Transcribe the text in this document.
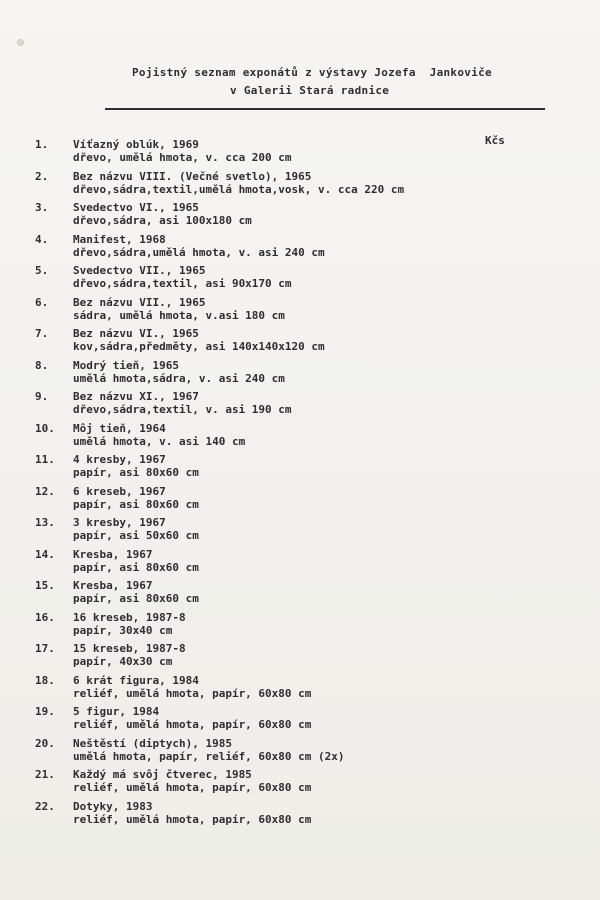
Pojistný seznam exponátů z výstavy Jozefa  Jankoviče
v Galerii Stará radnice
Kčs
1.	Víťazný oblúk, 1969
dřevo, umělá hmota, v. cca 200 cm
2.	Bez názvu VIII. (Večné svetlo), 1965
dřevo,sádra,textil,umělá hmota,vosk, v. cca 220 cm
3.	Svedectvo VI., 1965
dřevo,sádra, asi 100x180 cm
4.	Manifest, 1968
dřevo,sádra,umělá hmota, v. asi 240 cm
5.	Svedectvo VII., 1965
dřevo,sádra,textil, asi 90x170 cm
6.	Bez názvu VII., 1965
sádra, umělá hmota, v.asi 180 cm
7.	Bez názvu VI., 1965
kov,sádra,předměty, asi 140x140x120 cm
8.	Modrý tieň, 1965
umělá hmota,sádra, v. asi 240 cm
9.	Bez názvu XI., 1967
dřevo,sádra,textil, v. asi 190 cm
10.	Môj tieň, 1964
umělá hmota, v. asi 140 cm
11.	4 kresby, 1967
papír, asi 80x60 cm
12.	6 kreseb, 1967
papír, asi 80x60 cm
13.	3 kresby, 1967
papír, asi 50x60 cm
14.	Kresba, 1967
papír, asi 80x60 cm
15.	Kresba, 1967
papír, asi 80x60 cm
16.	16 kreseb, 1987-8
papír, 30x40 cm
17.	15 kreseb, 1987-8
papír, 40x30 cm
18.	6 krát figura, 1984
reliéf, umělá hmota, papír, 60x80 cm
19.	5 figur, 1984
reliéf, umělá hmota, papír, 60x80 cm
20.	Neštěstí (diptych), 1985
umělá hmota, papír, reliéf, 60x80 cm (2x)
21.	Každý má svôj čtverec, 1985
reliéf, umělá hmota, papír, 60x80 cm
22.	Dotyky, 1983
reliéf, umělá hmota, papír, 60x80 cm
